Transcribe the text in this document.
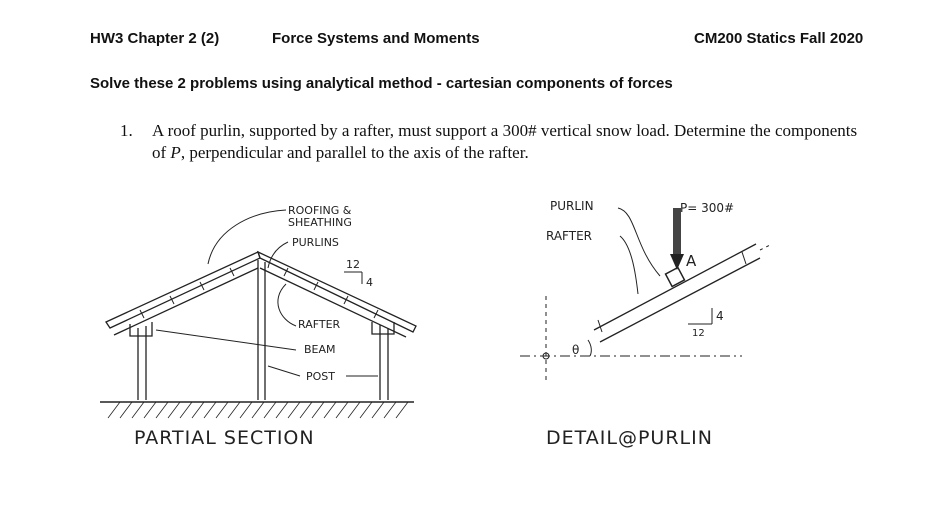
HW3 Chapter 2 (2)	Force Systems and Moments	CM200 Statics Fall 2020
Solve these 2 problems using analytical method - cartesian components of forces
1. A roof purlin, supported by a rafter, must support a 300# vertical snow load. Determine the components of P, perpendicular and parallel to the axis of the rafter.
ROOFING &
SHEATHING
PURLINS
12
4
RAFTER
BEAM
POST
PARTIAL SECTION
PURLIN
RAFTER
P= 300#
A
θ
12
4
DETAIL@PURLIN
